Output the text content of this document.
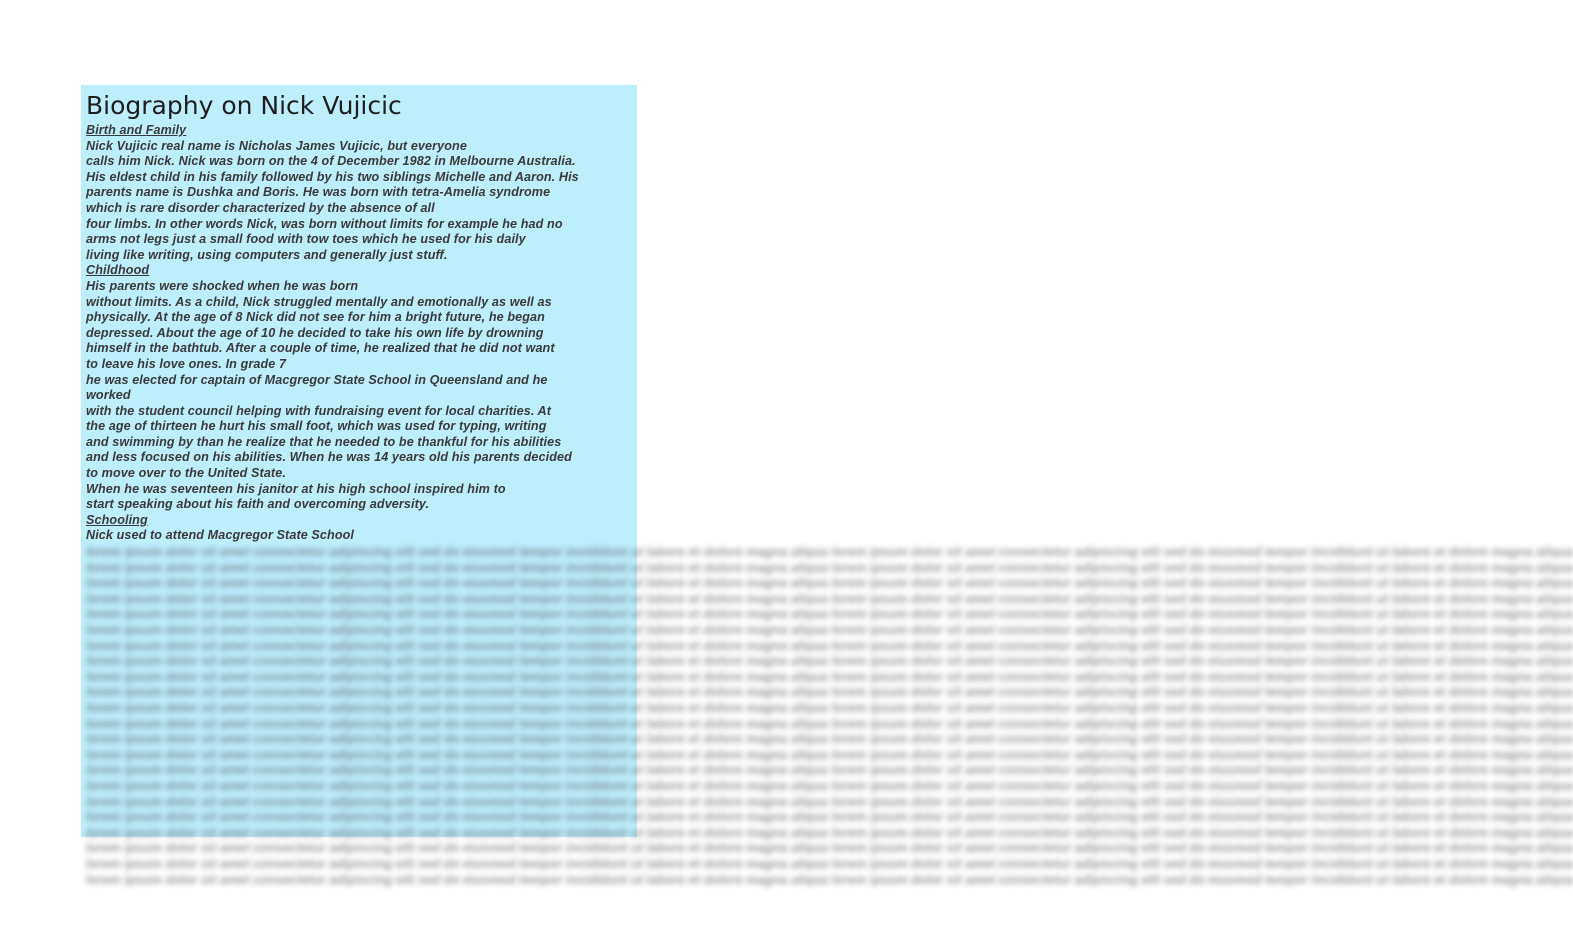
Biography on Nick Vujicic
Birth and Family
Nick Vujicic real name is Nicholas James Vujicic, but everyone
calls him Nick. Nick was born on the 4 of December 1982 in Melbourne Australia.
His eldest child in his family followed by his two siblings Michelle and Aaron. His
parents name is Dushka and Boris. He was born with tetra-Amelia syndrome
which is rare disorder characterized by the absence of all
four limbs. In other words Nick, was born without limits for example he had no
arms not legs just a small food with tow toes which he used for his daily
living like writing, using computers and generally just stuff.
Childhood
His parents were shocked when he was born
without limits. As a child, Nick struggled mentally and emotionally as well as
physically. At the age of 8 Nick did not see for him a bright future, he began
depressed. About the age of 10 he decided to take his own life by drowning
himself in the bathtub. After a couple of time, he realized that he did not want
to leave his love ones. In grade 7
he was elected for captain of Macgregor State School in Queensland and he
worked
with the student council helping with fundraising event for local charities. At
the age of thirteen he hurt his small foot, which was used for typing, writing
and swimming by than he realize that he needed to be thankful for his abilities
and less focused on his abilities. When he was 14 years old his parents decided
to move over to the United State.
When he was seventeen his janitor at his high school inspired him to
start speaking about his faith and overcoming adversity.
Schooling
Nick used to attend Macgregor State School
lorem ipsum dolor sit amet consectetur adipiscing elit sed do eiusmod tempor incididunt ut labore et dolore magna aliqua lorem ipsum dolor sit amet consectetur adipiscing elit sed do eiusmod tempor incididunt ut labore et dolore magna aliqua
lorem ipsum dolor sit amet consectetur adipiscing elit sed do eiusmod tempor incididunt ut labore et dolore magna aliqua lorem ipsum dolor sit amet consectetur adipiscing elit sed do eiusmod tempor incididunt ut labore et dolore magna aliqua
lorem ipsum dolor sit amet consectetur adipiscing elit sed do eiusmod tempor incididunt ut labore et dolore magna aliqua lorem ipsum dolor sit amet consectetur adipiscing elit sed do eiusmod tempor incididunt ut labore et dolore magna aliqua
lorem ipsum dolor sit amet consectetur adipiscing elit sed do eiusmod tempor incididunt ut labore et dolore magna aliqua lorem ipsum dolor sit amet consectetur adipiscing elit sed do eiusmod tempor incididunt ut labore et dolore magna aliqua
lorem ipsum dolor sit amet consectetur adipiscing elit sed do eiusmod tempor incididunt ut labore et dolore magna aliqua lorem ipsum dolor sit amet consectetur adipiscing elit sed do eiusmod tempor incididunt ut labore et dolore magna aliqua
lorem ipsum dolor sit amet consectetur adipiscing elit sed do eiusmod tempor incididunt ut labore et dolore magna aliqua lorem ipsum dolor sit amet consectetur adipiscing elit sed do eiusmod tempor incididunt ut labore et dolore magna aliqua
lorem ipsum dolor sit amet consectetur adipiscing elit sed do eiusmod tempor incididunt ut labore et dolore magna aliqua lorem ipsum dolor sit amet consectetur adipiscing elit sed do eiusmod tempor incididunt ut labore et dolore magna aliqua
lorem ipsum dolor sit amet consectetur adipiscing elit sed do eiusmod tempor incididunt ut labore et dolore magna aliqua lorem ipsum dolor sit amet consectetur adipiscing elit sed do eiusmod tempor incididunt ut labore et dolore magna aliqua
lorem ipsum dolor sit amet consectetur adipiscing elit sed do eiusmod tempor incididunt ut labore et dolore magna aliqua lorem ipsum dolor sit amet consectetur adipiscing elit sed do eiusmod tempor incididunt ut labore et dolore magna aliqua
lorem ipsum dolor sit amet consectetur adipiscing elit sed do eiusmod tempor incididunt ut labore et dolore magna aliqua lorem ipsum dolor sit amet consectetur adipiscing elit sed do eiusmod tempor incididunt ut labore et dolore magna aliqua
lorem ipsum dolor sit amet consectetur adipiscing elit sed do eiusmod tempor incididunt ut labore et dolore magna aliqua lorem ipsum dolor sit amet consectetur adipiscing elit sed do eiusmod tempor incididunt ut labore et dolore magna aliqua
lorem ipsum dolor sit amet consectetur adipiscing elit sed do eiusmod tempor incididunt ut labore et dolore magna aliqua lorem ipsum dolor sit amet consectetur adipiscing elit sed do eiusmod tempor incididunt ut labore et dolore magna aliqua
lorem ipsum dolor sit amet consectetur adipiscing elit sed do eiusmod tempor incididunt ut labore et dolore magna aliqua lorem ipsum dolor sit amet consectetur adipiscing elit sed do eiusmod tempor incididunt ut labore et dolore magna aliqua
lorem ipsum dolor sit amet consectetur adipiscing elit sed do eiusmod tempor incididunt ut labore et dolore magna aliqua lorem ipsum dolor sit amet consectetur adipiscing elit sed do eiusmod tempor incididunt ut labore et dolore magna aliqua
lorem ipsum dolor sit amet consectetur adipiscing elit sed do eiusmod tempor incididunt ut labore et dolore magna aliqua lorem ipsum dolor sit amet consectetur adipiscing elit sed do eiusmod tempor incididunt ut labore et dolore magna aliqua
lorem ipsum dolor sit amet consectetur adipiscing elit sed do eiusmod tempor incididunt ut labore et dolore magna aliqua lorem ipsum dolor sit amet consectetur adipiscing elit sed do eiusmod tempor incididunt ut labore et dolore magna aliqua
lorem ipsum dolor sit amet consectetur adipiscing elit sed do eiusmod tempor incididunt ut labore et dolore magna aliqua lorem ipsum dolor sit amet consectetur adipiscing elit sed do eiusmod tempor incididunt ut labore et dolore magna aliqua
lorem ipsum dolor sit amet consectetur adipiscing elit sed do eiusmod tempor incididunt ut labore et dolore magna aliqua lorem ipsum dolor sit amet consectetur adipiscing elit sed do eiusmod tempor incididunt ut labore et dolore magna aliqua
lorem ipsum dolor sit amet consectetur adipiscing elit sed do eiusmod tempor incididunt ut labore et dolore magna aliqua lorem ipsum dolor sit amet consectetur adipiscing elit sed do eiusmod tempor incididunt ut labore et dolore magna aliqua
lorem ipsum dolor sit amet consectetur adipiscing elit sed do eiusmod tempor incididunt ut labore et dolore magna aliqua lorem ipsum dolor sit amet consectetur adipiscing elit sed do eiusmod tempor incididunt ut labore et dolore magna aliqua
lorem ipsum dolor sit amet consectetur adipiscing elit sed do eiusmod tempor incididunt ut labore et dolore magna aliqua lorem ipsum dolor sit amet consectetur adipiscing elit sed do eiusmod tempor incididunt ut labore et dolore magna aliqua
lorem ipsum dolor sit amet consectetur adipiscing elit sed do eiusmod tempor incididunt ut labore et dolore magna aliqua lorem ipsum dolor sit amet consectetur adipiscing elit sed do eiusmod tempor incididunt ut labore et dolore magna aliqua
